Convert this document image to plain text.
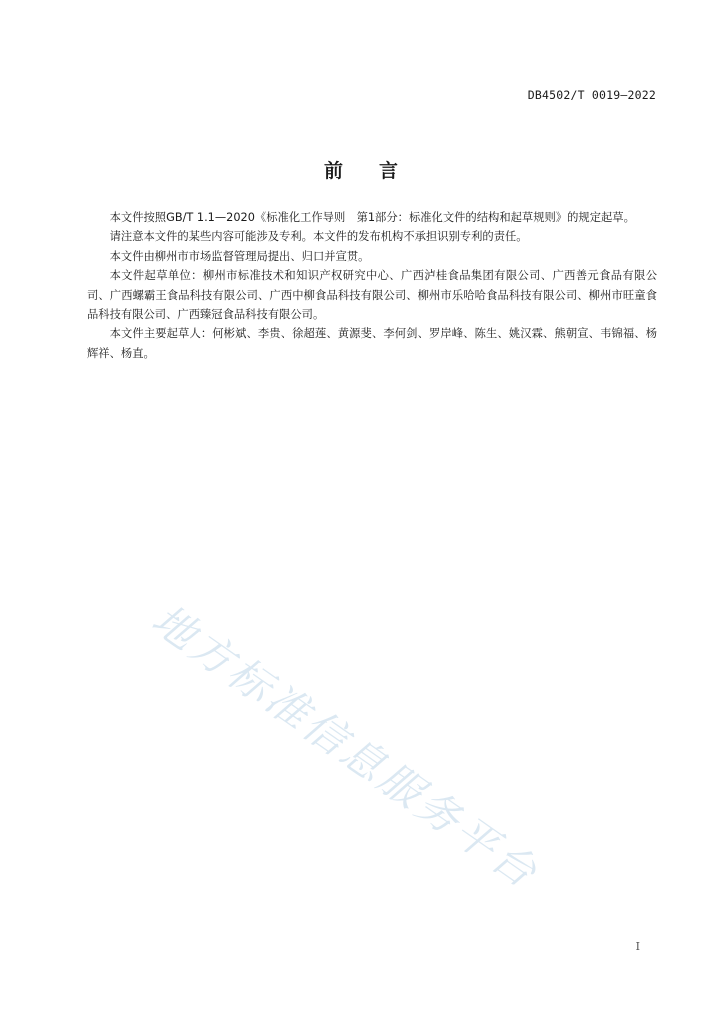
DB4502/T 0019—2022
前 言

本文件按照GB/T 1.1—2020《标准化工作导则　第1部分：标准化文件的结构和起草规则》的规定起草。

请注意本文件的某些内容可能涉及专利。本文件的发布机构不承担识别专利的责任。

本文件由柳州市市场监督管理局提出、归口并宣贯。

本文件起草单位：柳州市标准技术和知识产权研究中心、广西泸桂食品集团有限公司、广西善元食品有限公司、广西螺霸王食品科技有限公司、广西中柳食品科技有限公司、柳州市乐哈哈食品科技有限公司、柳州市旺童食品科技有限公司、广西臻冠食品科技有限公司。

本文件主要起草人：何彬斌、李贵、徐超莲、黄源斐、李何剑、罗岸峰、陈生、姚汉霖、熊朝宣、韦锦福、杨辉祥、杨直。

地方标准信息服务平台
I
